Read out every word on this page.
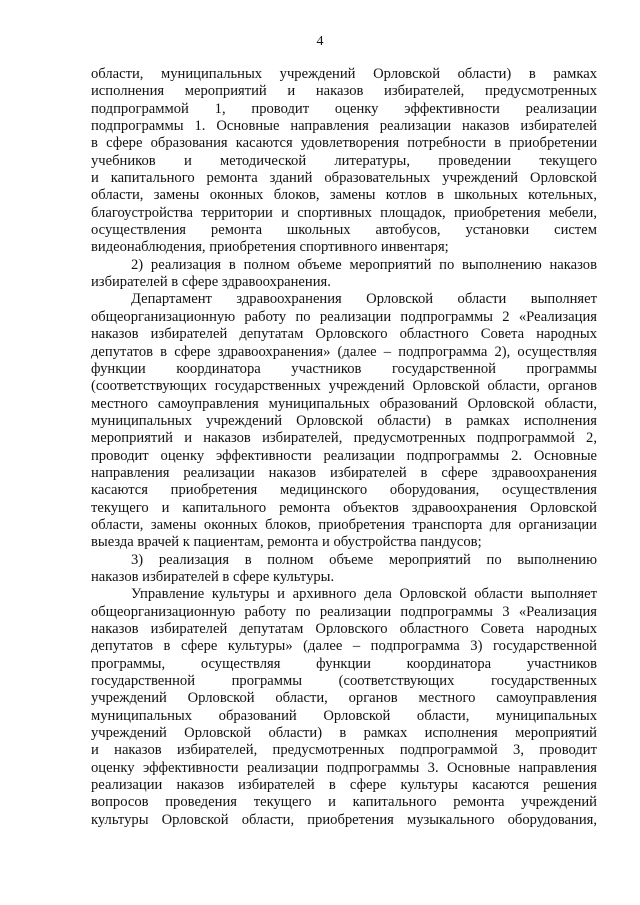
4
области, муниципальных учреждений Орловской области) в рамках
исполнения мероприятий и наказов избирателей, предусмотренных
подпрограммой 1, проводит оценку эффективности реализации
подпрограммы 1. Основные направления реализации наказов избирателей
в сфере образования касаются удовлетворения потребности в приобретении
учебников и методической литературы, проведении текущего
и капитального ремонта зданий образовательных учреждений Орловской
области, замены оконных блоков, замены котлов в школьных котельных,
благоустройства территории и спортивных площадок, приобретения мебели,
осуществления ремонта школьных автобусов, установки систем
видеонаблюдения, приобретения спортивного инвентаря;
2) реализация в полном объеме мероприятий по выполнению наказов
избирателей в сфере здравоохранения.
Департамент здравоохранения Орловской области выполняет
общеорганизационную работу по реализации подпрограммы 2 «Реализация
наказов избирателей депутатам Орловского областного Совета народных
депутатов в сфере здравоохранения» (далее – подпрограмма 2), осуществляя
функции координатора участников государственной программы
(соответствующих государственных учреждений Орловской области, органов
местного самоуправления муниципальных образований Орловской области,
муниципальных учреждений Орловской области) в рамках исполнения
мероприятий и наказов избирателей, предусмотренных подпрограммой 2,
проводит оценку эффективности реализации подпрограммы 2. Основные
направления реализации наказов избирателей в сфере здравоохранения
касаются приобретения медицинского оборудования, осуществления
текущего и капитального ремонта объектов здравоохранения Орловской
области, замены оконных блоков, приобретения транспорта для организации
выезда врачей к пациентам, ремонта и обустройства пандусов;
3) реализация в полном объеме мероприятий по выполнению
наказов избирателей в сфере культуры.
Управление культуры и архивного дела Орловской области выполняет
общеорганизационную работу по реализации подпрограммы 3 «Реализация
наказов избирателей депутатам Орловского областного Совета народных
депутатов в сфере культуры» (далее – подпрограмма 3) государственной
программы, осуществляя функции координатора участников
государственной программы (соответствующих государственных
учреждений Орловской области, органов местного самоуправления
муниципальных образований Орловской области, муниципальных
учреждений Орловской области) в рамках исполнения мероприятий
и наказов избирателей, предусмотренных подпрограммой 3, проводит
оценку эффективности реализации подпрограммы 3. Основные направления
реализации наказов избирателей в сфере культуры касаются решения
вопросов проведения текущего и капитального ремонта учреждений
культуры Орловской области, приобретения музыкального оборудования,
